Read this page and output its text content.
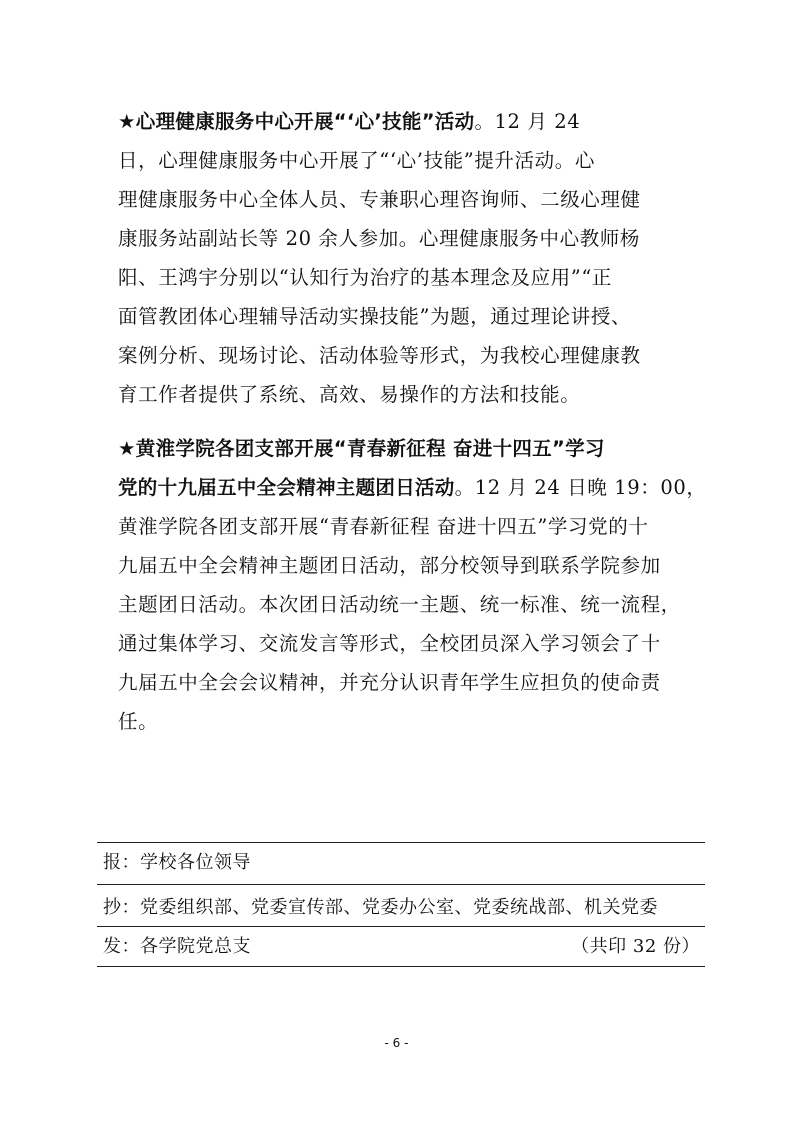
★心理健康服务中心开展“‘心’技能”活动。12 月 24
日，心理健康服务中心开展了“‘心’技能”提升活动。心
理健康服务中心全体人员、专兼职心理咨询师、二级心理健
康服务站副站长等 20 余人参加。心理健康服务中心教师杨
阳、王鸿宇分别以“认知行为治疗的基本理念及应用”“正
面管教团体心理辅导活动实操技能”为题，通过理论讲授、
案例分析、现场讨论、活动体验等形式，为我校心理健康教
育工作者提供了系统、高效、易操作的方法和技能。
★黄淮学院各团支部开展“青春新征程 奋进十四五”学习
党的十九届五中全会精神主题团日活动。12 月 24 日晚 19：00，
黄淮学院各团支部开展“青春新征程 奋进十四五”学习党的十
九届五中全会精神主题团日活动，部分校领导到联系学院参加
主题团日活动。本次团日活动统一主题、统一标准、统一流程，
通过集体学习、交流发言等形式，全校团员深入学习领会了十
九届五中全会会议精神，并充分认识青年学生应担负的使命责
任。
报：学校各位领导
抄：党委组织部、党委宣传部、党委办公室、党委统战部、机关党委
发：各学院党总支	（共印 32 份）
- 6 -
